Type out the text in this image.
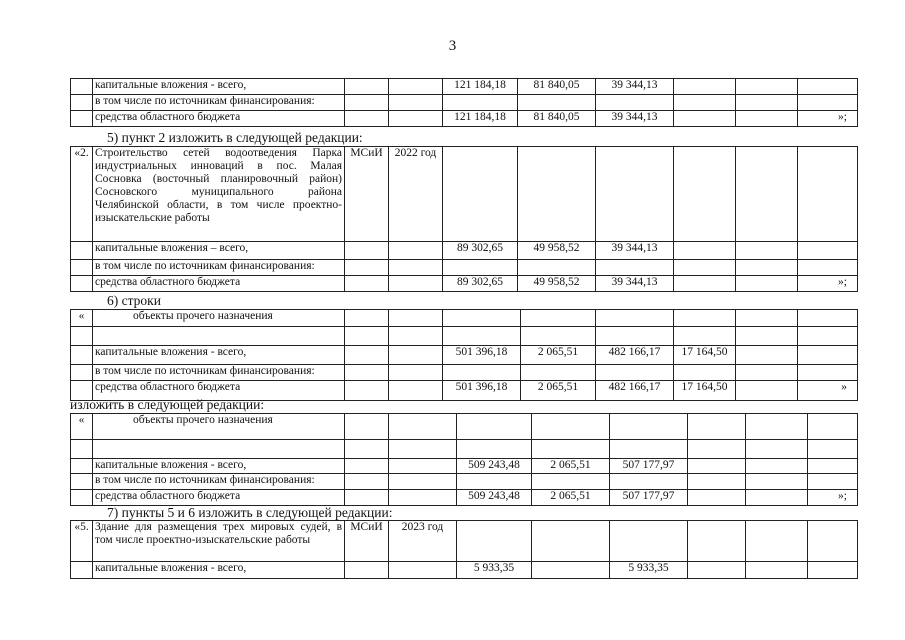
3
	капитальные вложения - всего,			121 184,18	81 840,05	39 344,13			
	в том числе по источникам финансирования:								
	средства областного бюджета			121 184,18	81 840,05	39 344,13			»;
5) пункт 2 изложить в следующей редакции:
«2.	Строительство сетей водоотведения Парка индустриальных инноваций в пос. Малая Сосновка (восточный планировочный район) Сосновского муниципального района Челябинской области, в том числе проектно-изыскательские работы	МСиИ	2022 год						
	капитальные вложения – всего,			89 302,65	49 958,52	39 344,13			
	в том числе по источникам финансирования:								
	средства областного бюджета			89 302,65	49 958,52	39 344,13			»;
6) строки
«	объекты прочего назначения								

	капитальные вложения - всего,			501 396,18	2 065,51	482 166,17	17 164,50		
	в том числе по источникам финансирования:								
	средства областного бюджета			501 396,18	2 065,51	482 166,17	17 164,50		»
изложить в следующей редакции:
«	объекты прочего назначения								

	капитальные вложения - всего,			509 243,48	2 065,51	507 177,97			
	в том числе по источникам финансирования:								
	средства областного бюджета			509 243,48	2 065,51	507 177,97			»;
7) пункты 5 и 6 изложить в следующей редакции:
«5.	Здание для размещения трех мировых судей, в том числе проектно-изыскательские работы	МСиИ	2023 год						
	капитальные вложения - всего,			5 933,35		5 933,35			
